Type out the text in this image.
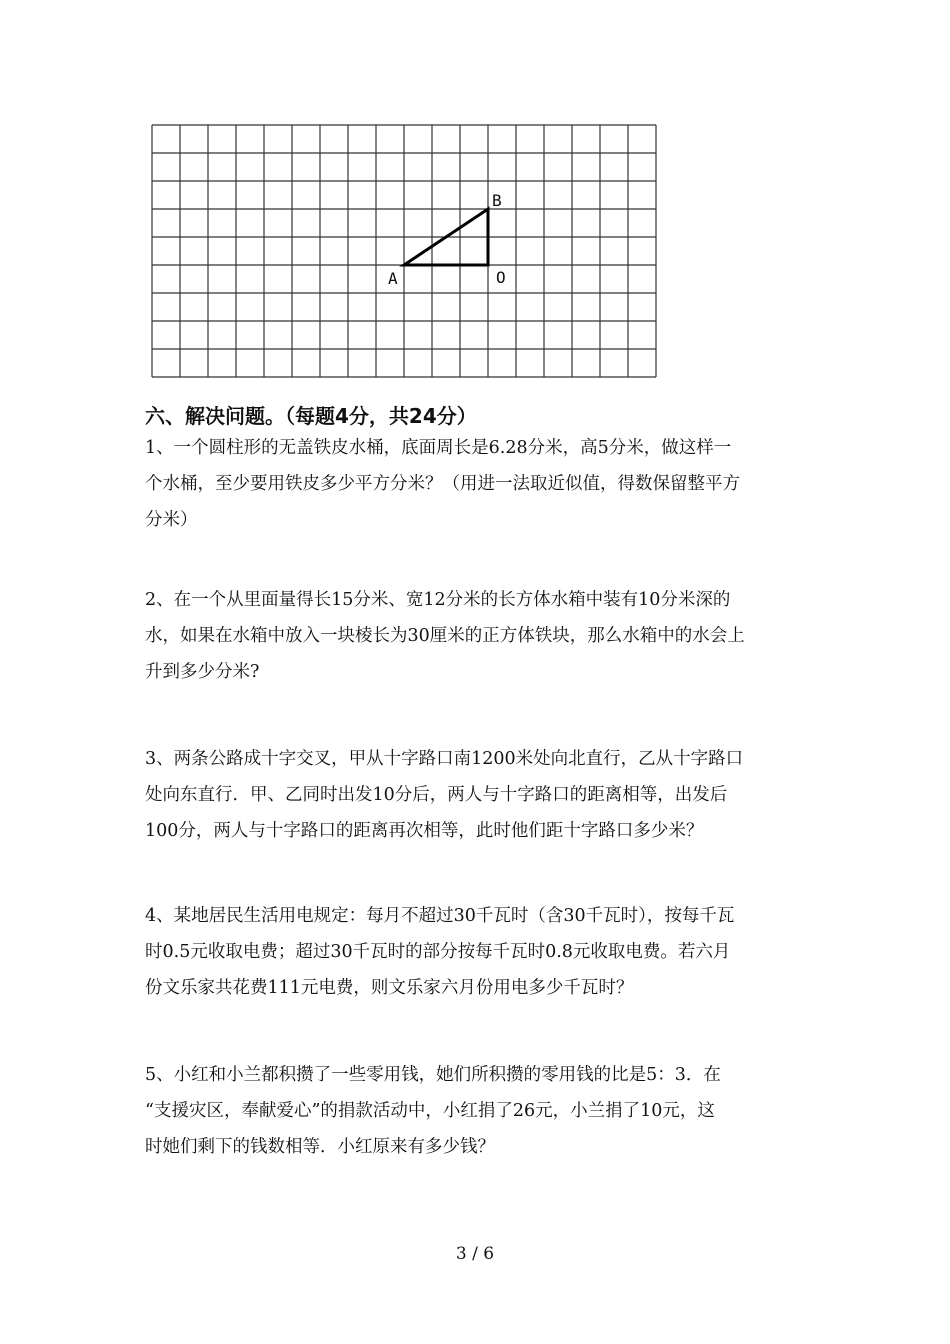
A
B
O
六、解决问题。（每题4分，共24分）
1、一个圆柱形的无盖铁皮水桶，底面周长是6.28分米，高5分米，做这样一
个水桶，至少要用铁皮多少平方分米？（用进一法取近似值，得数保留整平方
分米）
2、在一个从里面量得长15分米、宽12分米的长方体水箱中装有10分米深的
水，如果在水箱中放入一块棱长为30厘米的正方体铁块，那么水箱中的水会上
升到多少分米?
3、两条公路成十字交叉，甲从十字路口南1200米处向北直行，乙从十字路口
处向东直行．甲、乙同时出发10分后，两人与十字路口的距离相等，出发后
100分，两人与十字路口的距离再次相等，此时他们距十字路口多少米？
4、某地居民生活用电规定：每月不超过30千瓦时（含30千瓦时），按每千瓦
时0.5元收取电费；超过30千瓦时的部分按每千瓦时0.8元收取电费。若六月
份文乐家共花费111元电费，则文乐家六月份用电多少千瓦时？
5、小红和小兰都积攒了一些零用钱，她们所积攒的零用钱的比是5：3．在
“支援灾区，奉献爱心”的捐款活动中，小红捐了26元，小兰捐了10元，这
时她们剩下的钱数相等．小红原来有多少钱？
3 / 6
